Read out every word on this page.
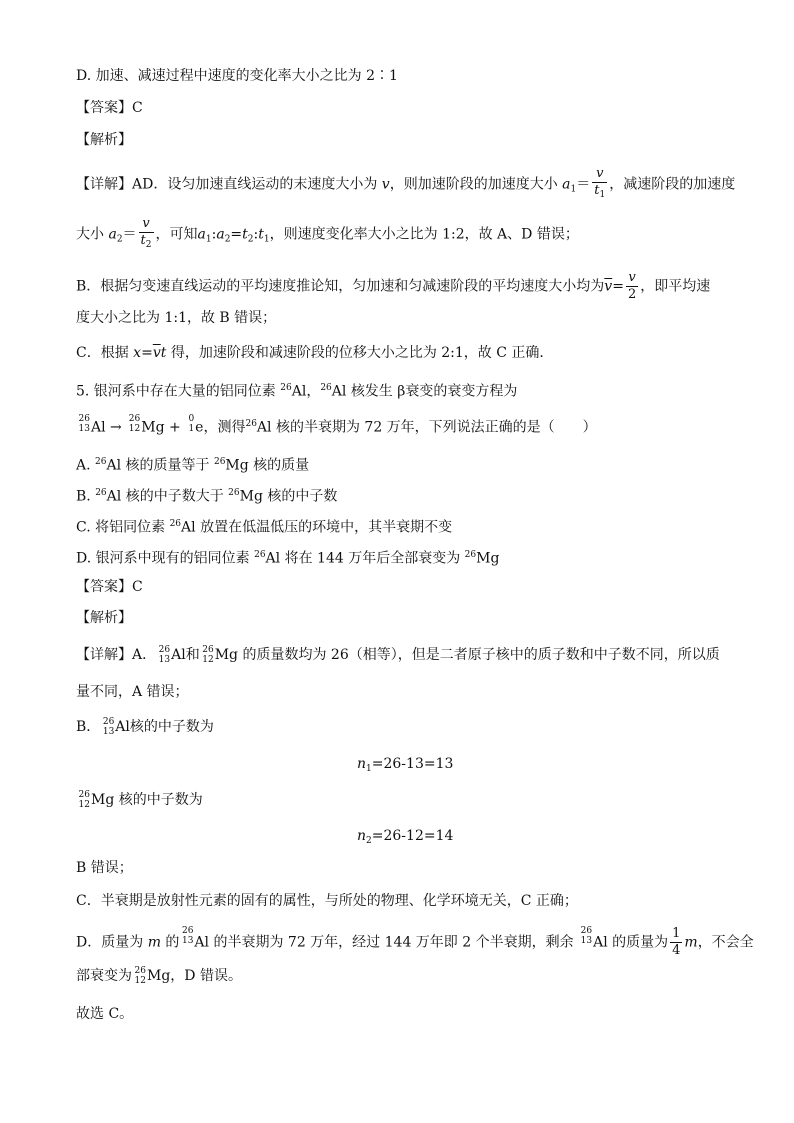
D. 加速、减速过程中速度的变化率大小之比为 2∶1
【答案】C
【解析】
【详解】AD．设匀加速直线运动的末速度大小为 v，则加速阶段的加速度大小 $a_1= \frac{v}{t_1}$ ，减速阶段的加速度
大小 $a_2= \frac{v}{t_2}$ ，可知$a_1:a_2=t_2:t_1$，则速度变化率大小之比为 1:2，故 A、D 错误；
B．根据匀变速直线运动的平均速度推论知，匀加速和匀减速阶段的平均速度大小均为$\overline{v}= \frac{v}{2}$ ，即平均速
度大小之比为 1:1，故 B 错误；
C．根据 $x=\overline{v}t$ 得，加速阶段和减速阶段的位移大小之比为 2:1，故 C 正确．
5. 银河系中存在大量的铝同位素 $^{26}$Al，$^{26}$Al 核发生 β衰变的衰变方程为
26
13 Al →
26
12 Mg +
0
1 e，测得$^{26}$Al 核的半衰期为 72 万年，下列说法正确的是（　　）
A. $^{26}$Al 核的质量等于 $^{26}$Mg 核的质量
B. $^{26}$Al 核的中子数大于 $^{26}$Mg 核的中子数
C. 将铝同位素 $^{26}$Al 放置在低温低压的环境中，其半衰期不变
D. 银河系中现有的铝同位素 $^{26}$Al 将在 144 万年后全部衰变为 $^{26}$Mg
【答案】C
【解析】
【详解】A． 26
13 Al和 26
12 Mg 的质量数均为 26（相等），但是二者原子核中的质子数和中子数不同，所以质
量不同，A 错误；
B． 26
13 Al核的中子数为
$n_1=26-13=13$
26
12 Mg 核的中子数为
$n_2=26-12=14$
B 错误；
C．半衰期是放射性元素的固有的属性，与所处的物理、化学环境无关，C 正确；
D．质量为 m 的
26
13 Al 的半衰期为 72 万年，经过 144 万年即 2 个半衰期，剩余
26
13 Al 的质量为 $\frac{1}{4}$ m，不会全
部衰变为 26
12 Mg，D 错误。
故选 C。
